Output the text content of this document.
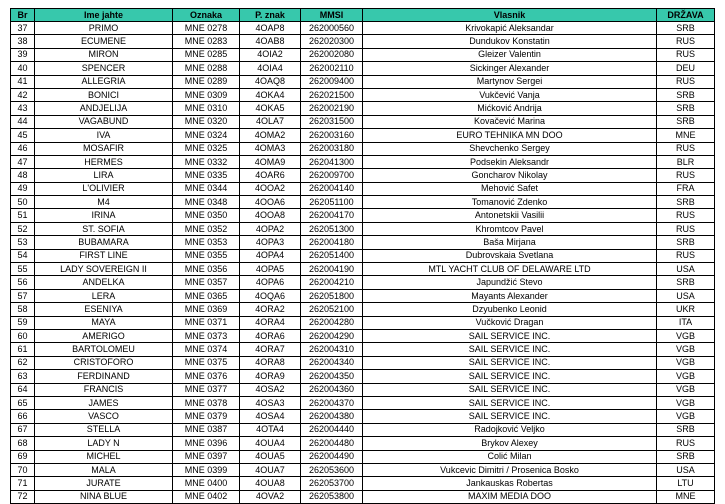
Br	Ime jahte	Oznaka	P. znak	MMSI	Vlasnik	DRŽAVA
37	PRIMO	MNE 0278	4OAP8	262000560	Krivokapić Aleksandar	SRB
38	ECUMENE	MNE 0283	4OAB8	262020300	Dundukov Konstatin	RUS
39	MIRON	MNE 0285	4OIA2	262002080	Gleizer Valentin	RUS
40	SPENCER	MNE 0288	4OIA4	262002110	Sickinger Alexander	DEU
41	ALLEGRIA	MNE 0289	4OAQ8	262009400	Martynov Sergei	RUS
42	BONICI	MNE 0309	4OKA4	262021500	Vukčević Vanja	SRB
43	ANDJELIJA	MNE 0310	4OKA5	262002190	Mićković Andrija	SRB
44	VAGABUND	MNE 0320	4OLA7	262031500	Kovačević Marina	SRB
45	IVA	MNE 0324	4OMA2	262003160	EURO TEHNIKA MN DOO	MNE
46	MOSAFIR	MNE 0325	4OMA3	262003180	Shevchenko Sergey	RUS
47	HERMES	MNE 0332	4OMA9	262041300	Podsekin Aleksandr	BLR
48	LIRA	MNE 0335	4OAR6	262009700	Goncharov Nikolay	RUS
49	L'OLIVIER	MNE 0344	4OOA2	262004140	Mehović Safet	FRA
50	M4	MNE 0348	4OOA6	262051100	Tomanović Zdenko	SRB
51	IRINA	MNE 0350	4OOA8	262004170	Antonetskii Vasilii	RUS
52	ST. SOFIA	MNE 0352	4OPA2	262051300	Khromtcov Pavel	RUS
53	BUBAMARA	MNE 0353	4OPA3	262004180	Baša Mirjana	SRB
54	FIRST LINE	MNE 0355	4OPA4	262051400	Dubrovskaia Svetlana	RUS
55	LADY SOVEREIGN II	MNE 0356	4OPA5	262004190	MTL YACHT CLUB OF DELAWARE LTD	USA
56	ANDELKA	MNE 0357	4OPA6	262004210	Japundžić Stevo	SRB
57	LERA	MNE 0365	4OQA6	262051800	Mayants Alexander	USA
58	ESENIYA	MNE 0369	4ORA2	262052100	Dzyubenko Leonid	UKR
59	MAYA	MNE 0371	4ORA4	262004280	Vučković Dragan	ITA
60	AMERIGO	MNE 0373	4ORA6	262004290	SAIL SERVICE INC.	VGB
61	BARTOLOMEU	MNE 0374	4ORA7	262004310	SAIL SERVICE INC.	VGB
62	CRISTOFORO	MNE 0375	4ORA8	262004340	SAIL SERVICE INC.	VGB
63	FERDINAND	MNE 0376	4ORA9	262004350	SAIL SERVICE INC.	VGB
64	FRANCIS	MNE 0377	4OSA2	262004360	SAIL SERVICE INC.	VGB
65	JAMES	MNE 0378	4OSA3	262004370	SAIL SERVICE INC.	VGB
66	VASCO	MNE 0379	4OSA4	262004380	SAIL SERVICE INC.	VGB
67	STELLA	MNE 0387	4OTA4	262004440	Radojković Veljko	SRB
68	LADY N	MNE 0396	4OUA4	262004480	Brykov Alexey	RUS
69	MICHEL	MNE 0397	4OUA5	262004490	Colić Milan	SRB
70	MALA	MNE 0399	4OUA7	262053600	Vukcevic Dimitri / Prosenica Bosko	USA
71	JURATE	MNE 0400	4OUA8	262053700	Jankauskas Robertas	LTU
72	NINA BLUE	MNE 0402	4OVA2	262053800	MAXIM MEDIA DOO	MNE
